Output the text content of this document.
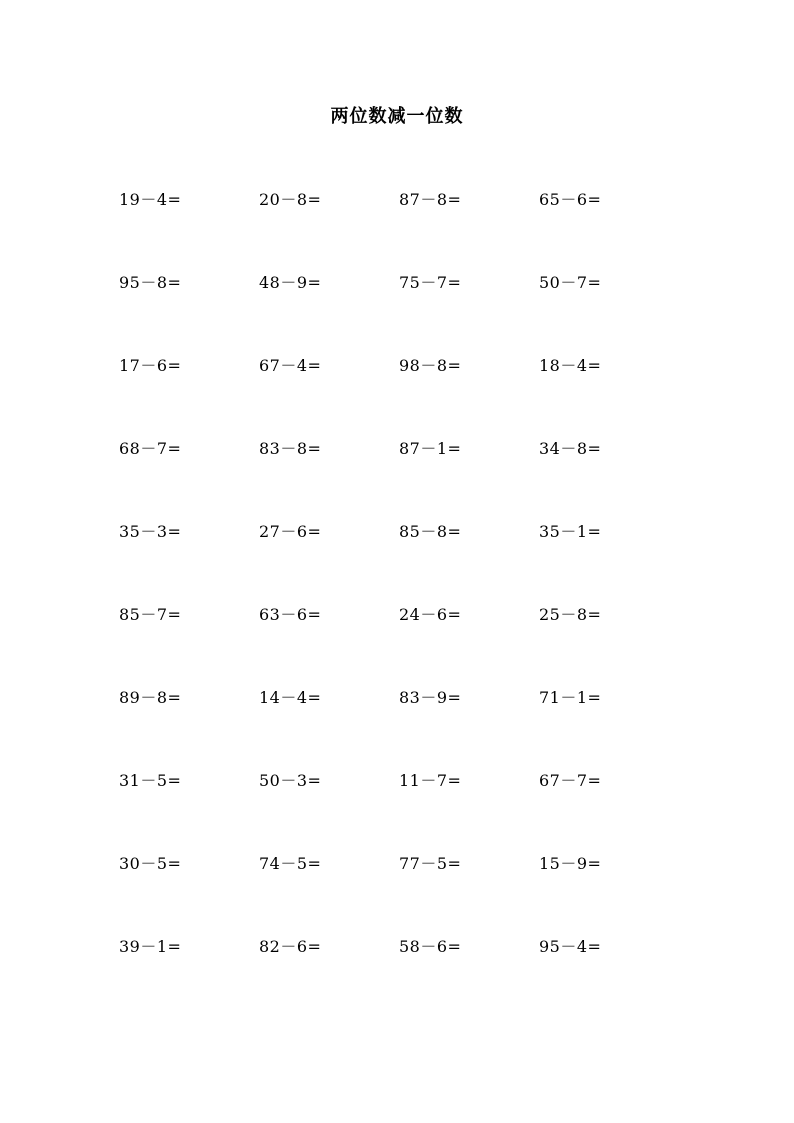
两位数减一位数
19－4=	20－8=	87－8=	65－6=
95－8=	48－9=	75－7=	50－7=
17－6=	67－4=	98－8=	18－4=
68－7=	83－8=	87－1=	34－8=
35－3=	27－6=	85－8=	35－1=
85－7=	63－6=	24－6=	25－8=
89－8=	14－4=	83－9=	71－1=
31－5=	50－3=	11－7=	67－7=
30－5=	74－5=	77－5=	15－9=
39－1=	82－6=	58－6=	95－4=
